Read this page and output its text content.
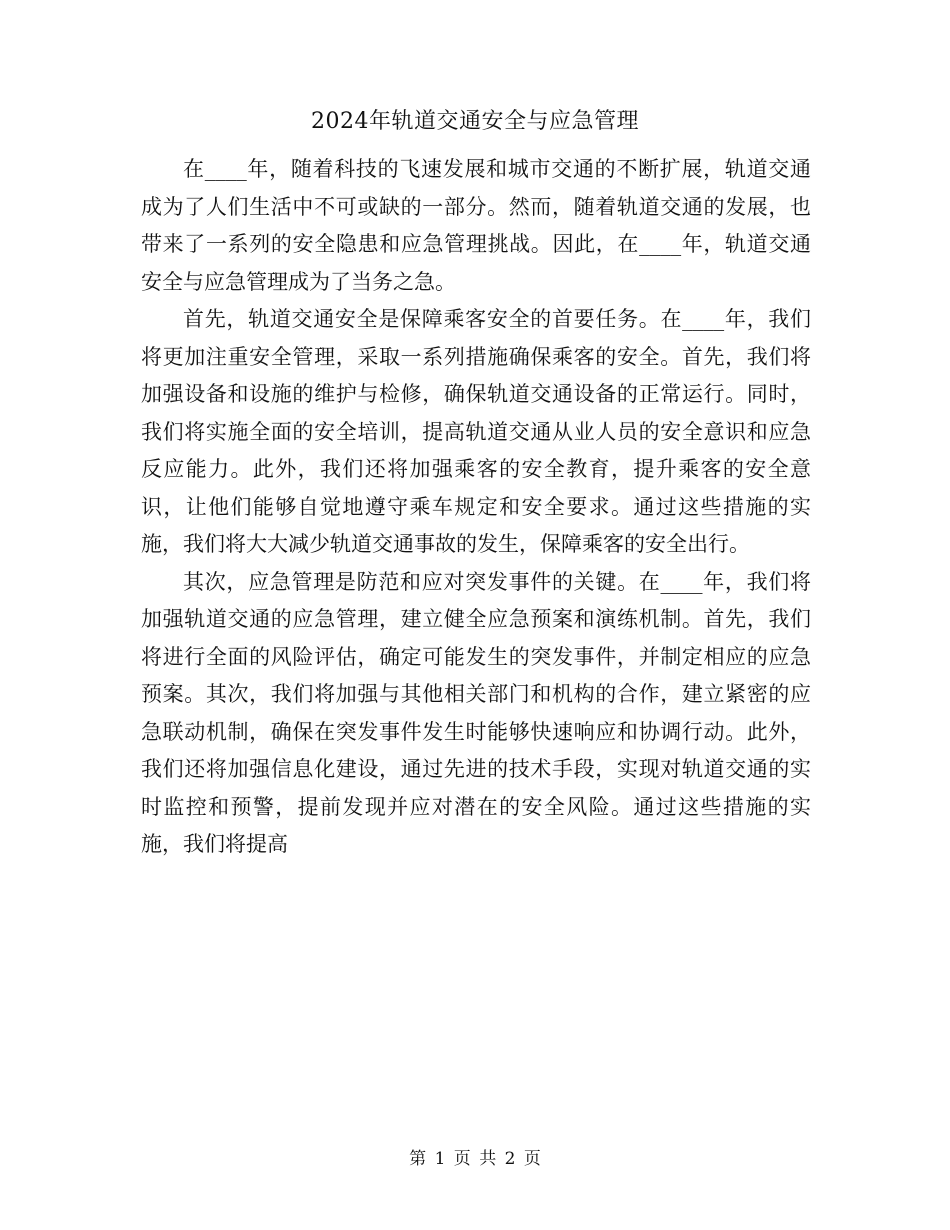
2024年轨道交通安全与应急管理

在____年，随着科技的飞速发展和城市交通的不断扩展，轨道交通成为了人们生活中不可或缺的一部分。然而，随着轨道交通的发展，也带来了一系列的安全隐患和应急管理挑战。因此，在____年，轨道交通安全与应急管理成为了当务之急。

首先，轨道交通安全是保障乘客安全的首要任务。在____年，我们将更加注重安全管理，采取一系列措施确保乘客的安全。首先，我们将加强设备和设施的维护与检修，确保轨道交通设备的正常运行。同时，我们将实施全面的安全培训，提高轨道交通从业人员的安全意识和应急反应能力。此外，我们还将加强乘客的安全教育，提升乘客的安全意识，让他们能够自觉地遵守乘车规定和安全要求。通过这些措施的实施，我们将大大减少轨道交通事故的发生，保障乘客的安全出行。

其次，应急管理是防范和应对突发事件的关键。在____年，我们将加强轨道交通的应急管理，建立健全应急预案和演练机制。首先，我们将进行全面的风险评估，确定可能发生的突发事件，并制定相应的应急预案。其次，我们将加强与其他相关部门和机构的合作，建立紧密的应急联动机制，确保在突发事件发生时能够快速响应和协调行动。此外，我们还将加强信息化建设，通过先进的技术手段，实现对轨道交通的实时监控和预警，提前发现并应对潜在的安全风险。通过这些措施的实施，我们将提高

第 1 页 共 2 页
